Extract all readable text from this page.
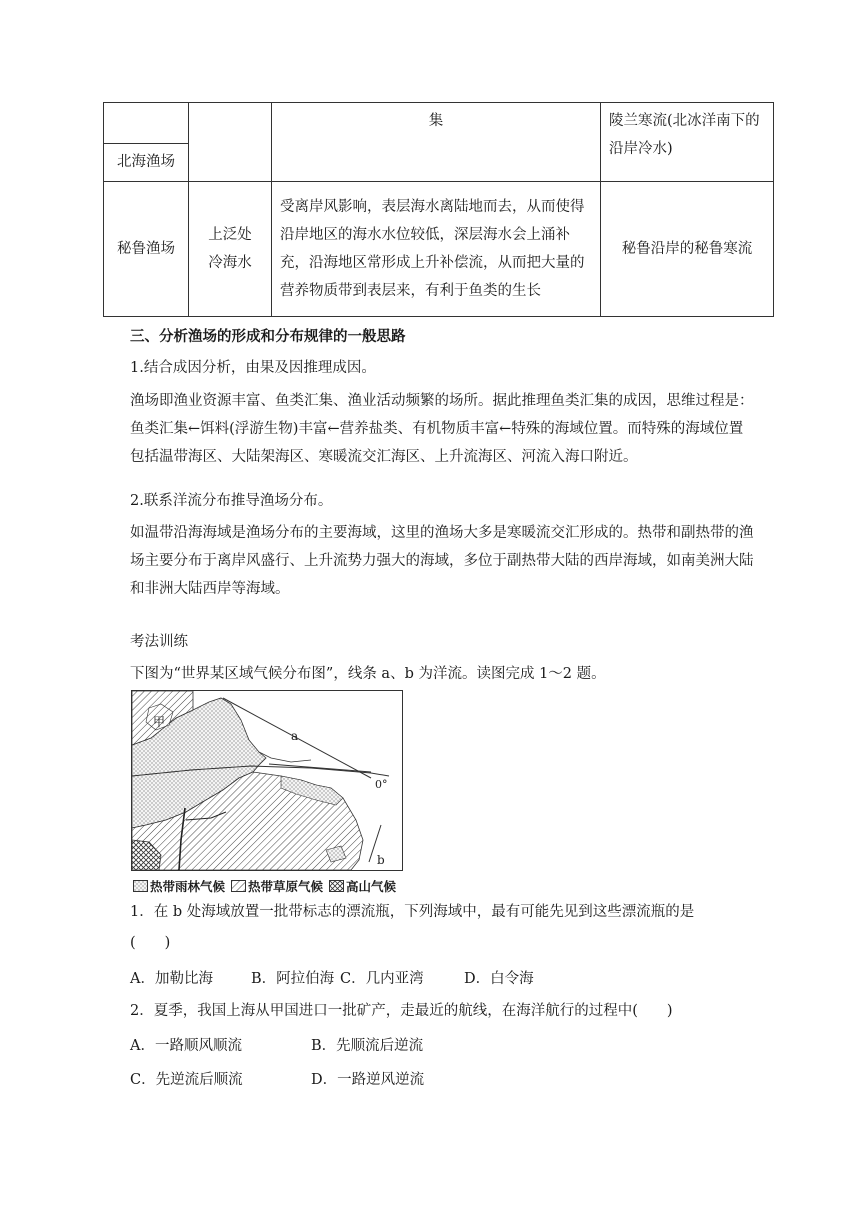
北海渔场		集	陵兰寒流(北冰洋南下的沿岸冷水)
秘鲁渔场	上泛处冷海水	受离岸风影响，表层海水离陆地而去，从而使得沿岸地区的海水水位较低，深层海水会上涌补充，沿海地区常形成上升补偿流，从而把大量的营养物质带到表层来，有利于鱼类的生长	秘鲁沿岸的秘鲁寒流
三、分析渔场的形成和分布规律的一般思路
1.结合成因分析，由果及因推理成因。
渔场即渔业资源丰富、鱼类汇集、渔业活动频繁的场所。据此推理鱼类汇集的成因，思维过程是：鱼类汇集←饵料(浮游生物)丰富←营养盐类、有机物质丰富←特殊的海域位置。而特殊的海域位置包括温带海区、大陆架海区、寒暖流交汇海区、上升流海区、河流入海口附近。
2.联系洋流分布推导渔场分布。
如温带沿海海域是渔场分布的主要海域，这里的渔场大多是寒暖流交汇形成的。热带和副热带的渔场主要分布于离岸风盛行、上升流势力强大的海域，多位于副热带大陆的西岸海域，如南美洲大陆和非洲大陆西岸等海域。
考法训练
下图为“世界某区域气候分布图”，线条 a、b 为洋流。读图完成 1～2 题。
甲
a
b
0°
热带雨林气候 热带草原气候 高山气候
1．在 b 处海域放置一批带标志的漂流瓶，下列海域中，最有可能先见到这些漂流瓶的是
(　　)
A．加勒比海	B．阿拉伯海 C．几内亚湾	D．白令海
2．夏季，我国上海从甲国进口一批矿产，走最近的航线，在海洋航行的过程中(　　)
A．一路顺风顺流	B．先顺流后逆流
C．先逆流后顺流	D．一路逆风逆流
